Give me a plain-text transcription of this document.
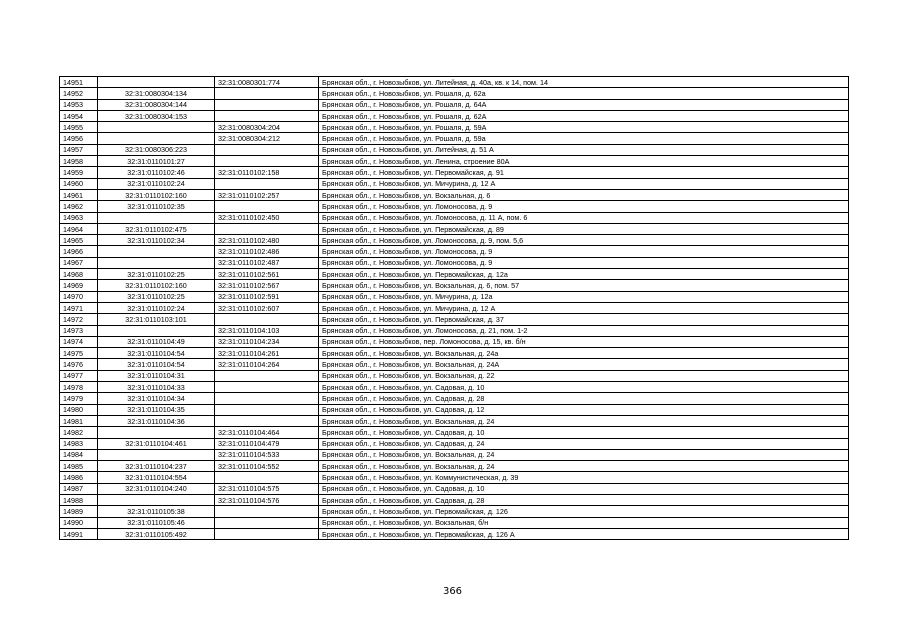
14951		32:31:0080301:774	Брянская обл., г. Новозыбков, ул. Литейная, д. 40а, кв. к 14, пом. 14
14952	32:31:0080304:134		Брянская обл., г. Новозыбков, ул. Рошаля, д. 62а
14953	32:31:0080304:144		Брянская обл., г. Новозыбков, ул. Рошаля, д. 64А
14954	32:31:0080304:153		Брянская обл., г. Новозыбков, ул. Рошаля, д. 62А
14955		32:31:0080304:204	Брянская обл., г. Новозыбков, ул. Рошаля, д. 59А
14956		32:31:0080304:212	Брянская обл., г. Новозыбков, ул. Рошаля, д. 59а
14957	32:31:0080306:223		Брянская обл., г. Новозыбков, ул. Литейная, д. 51 А
14958	32:31:0110101:27		Брянская обл., г. Новозыбков, ул. Ленина, строение 80А
14959	32:31:0110102:46	32:31:0110102:158	Брянская обл., г. Новозыбков, ул. Первомайская, д. 91
14960	32:31:0110102:24		Брянская обл., г. Новозыбков, ул. Мичурина, д. 12 А
14961	32:31:0110102:160	32:31:0110102:257	Брянская обл., г. Новозыбков, ул. Вокзальная, д. 6
14962	32:31:0110102:35		Брянская обл., г. Новозыбков, ул. Ломоносова, д. 9
14963		32:31:0110102:450	Брянская обл., г. Новозыбков, ул. Ломоносова, д. 11 А, пом. 6
14964	32:31:0110102:475		Брянская обл., г. Новозыбков, ул. Первомайская, д. 89
14965	32:31:0110102:34	32:31:0110102:480	Брянская обл., г. Новозыбков, ул. Ломоносова, д. 9, пом. 5,6
14966		32:31:0110102:486	Брянская обл., г. Новозыбков, ул. Ломоносова, д. 9
14967		32:31:0110102:487	Брянская обл., г. Новозыбков, ул. Ломоносова, д. 9
14968	32:31:0110102:25	32:31:0110102:561	Брянская обл., г. Новозыбков, ул. Первомайская, д. 12а
14969	32:31:0110102:160	32:31:0110102:567	Брянская обл., г. Новозыбков, ул. Вокзальная, д. 6, пом. 57
14970	32:31:0110102:25	32:31:0110102:591	Брянская обл., г. Новозыбков, ул. Мичурина, д. 12а
14971	32:31:0110102:24	32:31:0110102:607	Брянская обл., г. Новозыбков, ул. Мичурина, д. 12 А
14972	32:31:0110103:101		Брянская обл., г. Новозыбков, ул. Первомайская, д. 37
14973		32:31:0110104:103	Брянская обл., г. Новозыбков, ул. Ломоносова, д. 21, пом. 1-2
14974	32:31:0110104:49	32:31:0110104:234	Брянская обл., г. Новозыбков, пер. Ломоносова, д. 15, кв. б/н
14975	32:31:0110104:54	32:31:0110104:261	Брянская обл., г. Новозыбков, ул. Вокзальная, д. 24а
14976	32:31:0110104:54	32:31:0110104:264	Брянская обл., г. Новозыбков, ул. Вокзальная, д. 24А
14977	32:31:0110104:31		Брянская обл., г. Новозыбков, ул. Вокзальная, д. 22
14978	32:31:0110104:33		Брянская обл., г. Новозыбков, ул. Садовая, д. 10
14979	32:31:0110104:34		Брянская обл., г. Новозыбков, ул. Садовая, д. 28
14980	32:31:0110104:35		Брянская обл., г. Новозыбков, ул. Садовая, д. 12
14981	32:31:0110104:36		Брянская обл., г. Новозыбков, ул. Вокзальная, д. 24
14982		32:31:0110104:464	Брянская обл., г. Новозыбков, ул. Садовая, д. 10
14983	32:31:0110104:461	32:31:0110104:479	Брянская обл., г. Новозыбков, ул. Садовая, д. 24
14984		32:31:0110104:533	Брянская обл., г. Новозыбков, ул. Вокзальная, д. 24
14985	32:31:0110104:237	32:31:0110104:552	Брянская обл., г. Новозыбков, ул. Вокзальная, д. 24
14986	32:31:0110104:554		Брянская обл., г. Новозыбков, ул. Коммунистическая, д. 39
14987	32:31:0110104:240	32:31:0110104:575	Брянская обл., г. Новозыбков, ул. Садовая, д. 10
14988		32:31:0110104:576	Брянская обл., г. Новозыбков, ул. Садовая, д. 28
14989	32:31:0110105:38		Брянская обл., г. Новозыбков, ул. Первомайская, д. 126
14990	32:31:0110105:46		Брянская обл., г. Новозыбков, ул. Вокзальная, б/н
14991	32:31:0110105:492		Брянская обл., г. Новозыбков, ул. Первомайская, д. 126 А
366
